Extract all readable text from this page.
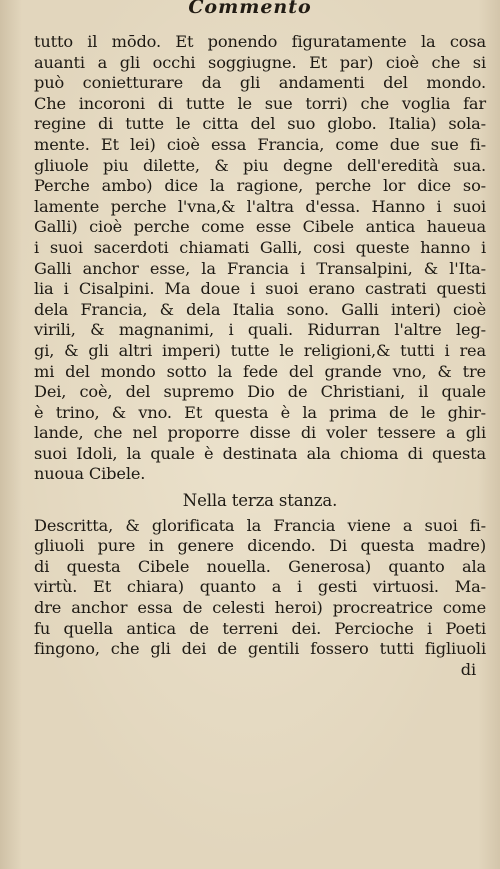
Commento
tutto il mōdo. Et ponendo figuratamente la cosa
auanti a gli occhi soggiugne. Et par) cioè che si
può conietturare da gli andamenti del mondo.
Che incoroni di tutte le sue torri) che voglia far
regine di tutte le citta del suo globo. Italia) sola-
mente. Et lei) cioè essa Francia, come due sue fi-
gliuole piu dilette, & piu degne dell'eredità sua.
Perche ambo) dice la ragione, perche lor dice so-
lamente perche l'vna,& l'altra d'essa. Hanno i suoi
Galli) cioè perche come esse Cibele antica haueua
i suoi sacerdoti chiamati Galli, cosi queste hanno i
Galli anchor esse, la Francia i Transalpini, & l'Ita-
lia i Cisalpini. Ma doue i suoi erano castrati questi
dela Francia, & dela Italia sono. Galli interi) cioè
virili, & magnanimi, i quali. Ridurran l'altre leg-
gi, & gli altri imperi) tutte le religioni,& tutti i rea
mi del mondo sotto la fede del grande vno, & tre
Dei, coè, del supremo Dio de Christiani, il quale
è trino, & vno. Et questa è la prima de le ghir-
lande, che nel proporre disse di voler tessere a gli
suoi Idoli, la quale è destinata ala chioma di questa
nuoua Cibele.
Nella terza stanza.
Descritta, & glorificata la Francia viene a suoi fi-
gliuoli pure in genere dicendo. Di questa madre)
di questa Cibele nouella. Generosa) quanto ala
virtù. Et chiara) quanto a i gesti virtuosi. Ma-
dre anchor essa de celesti heroi) procreatrice come
fu quella antica de terreni dei. Percioche i Poeti
fingono, che gli dei de gentili fossero tutti figliuoli
di
